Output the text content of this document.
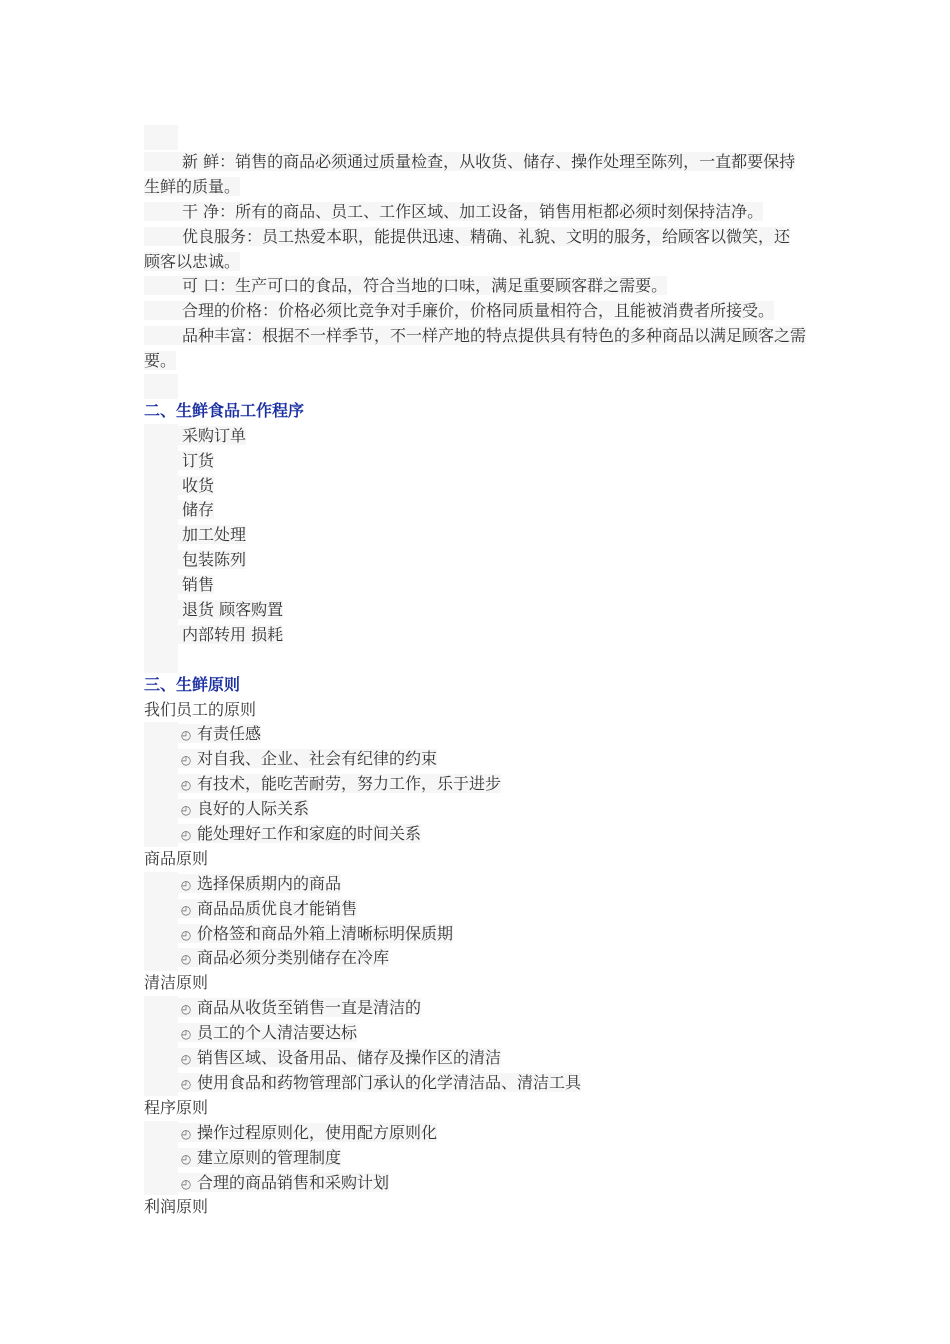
新 鲜：销售的商品必须通过质量检查，从收货、储存、操作处理至陈列，一直都要保持生鲜的质量。
干 净：所有的商品、员工、工作区域、加工设备，销售用柜都必须时刻保持洁净。
优良服务：员工热爱本职，能提供迅速、精确、礼貌、文明的服务，给顾客以微笑，还顾客以忠诚。
可 口：生产可口的食品，符合当地的口味，满足重要顾客群之需要。
合理的价格：价格必须比竞争对手廉价，价格同质量相符合，且能被消费者所接受。
品种丰富：根据不一样季节，不一样产地的特点提供具有特色的多种商品以满足顾客之需要。
二、生鲜食品工作程序
采购订单
订货
收货
储存
加工处理
包装陈列
销售
退货 顾客购置
内部转用 损耗
三、生鲜原则
我们员工的原则
◴ 有责任感
◴ 对自我、企业、社会有纪律的约束
◴ 有技术，能吃苦耐劳，努力工作，乐于进步
◴ 良好的人际关系
◴ 能处理好工作和家庭的时间关系
商品原则
◴ 选择保质期内的商品
◴ 商品品质优良才能销售
◴ 价格签和商品外箱上清晰标明保质期
◴ 商品必须分类别储存在冷库
清洁原则
◴ 商品从收货至销售一直是清洁的
◴ 员工的个人清洁要达标
◴ 销售区域、设备用品、储存及操作区的清洁
◴ 使用食品和药物管理部门承认的化学清洁品、清洁工具
程序原则
◴ 操作过程原则化，使用配方原则化
◴ 建立原则的管理制度
◴ 合理的商品销售和采购计划
利润原则
